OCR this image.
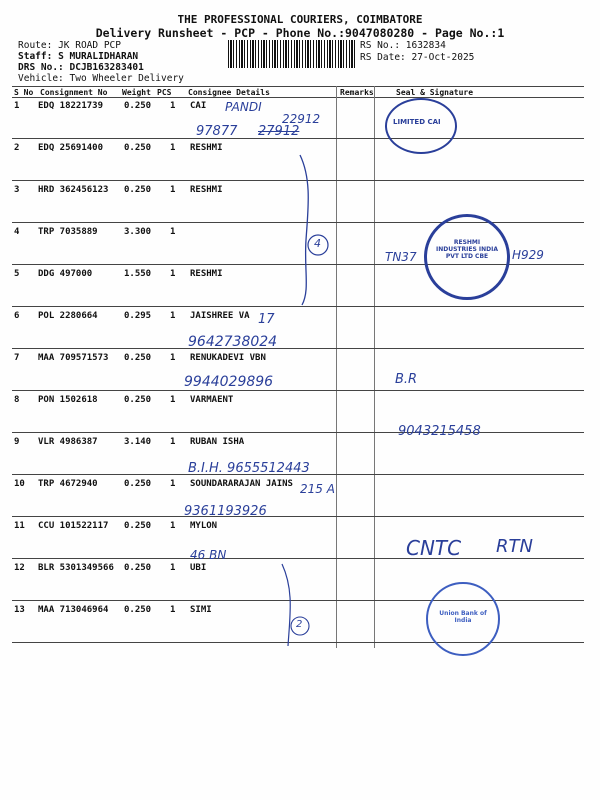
THE PROFESSIONAL COURIERS, COIMBATORE
Delivery Runsheet - PCP - Phone No.:9047080280 - Page No.:1
Route: JK ROAD PCP
Staff: S MURALIDHARAN
DRS No.: DCJB163283401
Vehicle: Two Wheeler Delivery
RS No.: 1632834
RS Date: 27-Oct-2025
S No Consignment No Weight PCS Consignee Details	Remarks	Seal & Signature
1 EDQ 18221739 0.250 1 CAI
2 EDQ 25691400 0.250 1 RESHMI
3 HRD 362456123 0.250 1 RESHMI
4 TRP 7035889	3.300 1
5 DDG 497000	1.550 1 RESHMI
6 POL 2280664	0.295 1 JAISHREE VA
7 MAA 709571573 0.250 1 RENUKADEVI VBN
8 PON 1502618	0.250 1 VARMAENT
9 VLR 4986387	3.140 1 RUBAN ISHA
10 TRP 4672940	0.250 1 SOUNDARARAJAN JAINS
11 CCU 101522117 0.250 1 MYLON
12 BLR 5301349566 0.250 1 UBI
13 MAA 713046964 0.250 1 SIMI
PANDI
22912
97877 27912
4
17
9642738024
9944029896	B.R
9043215458
B.I.H. 9655512443
215 A
9361193926
46 BN	CNTC RTN
2
TN37	H929
LIMITED CAI
RESHMI INDUSTRIES INDIA PVT LTD CBE
Union Bank of India
